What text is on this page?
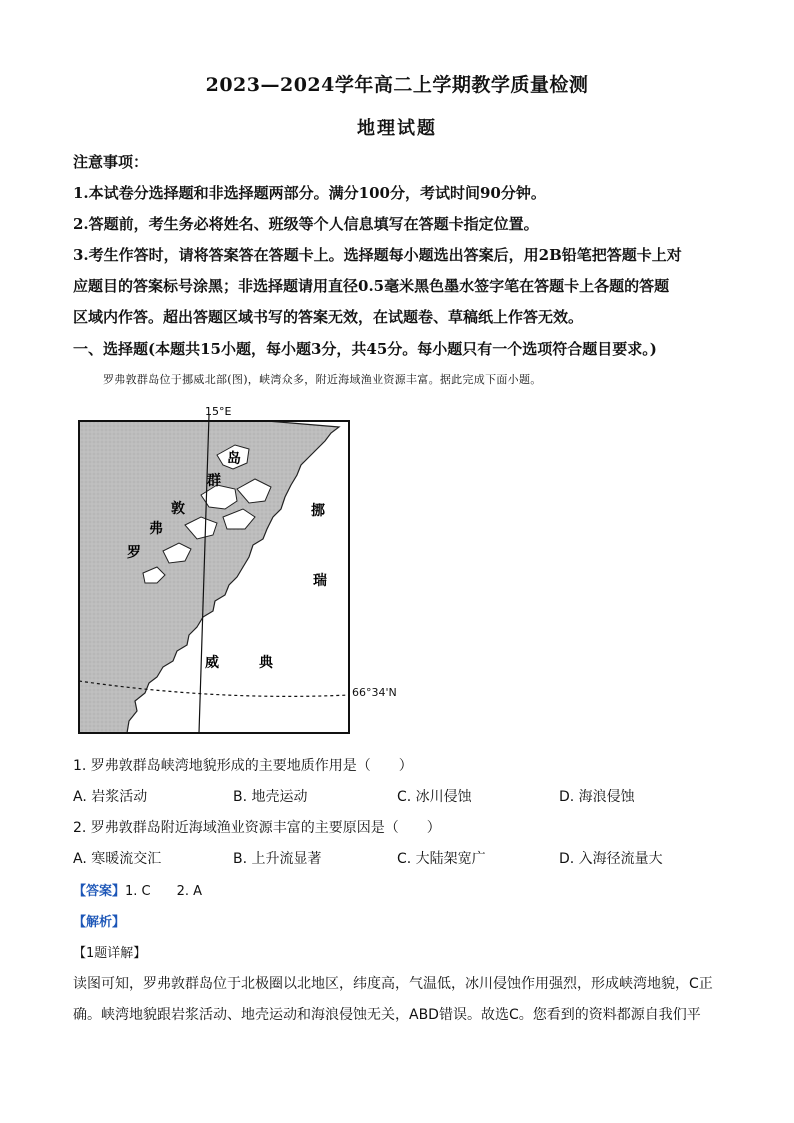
2023—2024学年高二上学期教学质量检测
地理试题
注意事项：
1.本试卷分选择题和非选择题两部分。满分100分，考试时间90分钟。
2.答题前，考生务必将姓名、班级等个人信息填写在答题卡指定位置。
3.考生作答时，请将答案答在答题卡上。选择题每小题选出答案后，用2B铅笔把答题卡上对
应题目的答案标号涂黑；非选择题请用直径0.5毫米黑色墨水签字笔在答题卡上各题的答题
区域内作答。超出答题区域书写的答案无效，在试题卷、草稿纸上作答无效。
一、选择题(本题共15小题，每小题3分，共45分。每小题只有一个选项符合题目要求。)
罗弗敦群岛位于挪威北部(图)，峡湾众多，附近海域渔业资源丰富。据此完成下面小题。
15°E
岛
群
敦
弗
罗
挪
瑞
威	典
66°34'N
1. 罗弗敦群岛峡湾地貌形成的主要地质作用是（　　）
A. 岩浆活动	B. 地壳运动	C. 冰川侵蚀	D. 海浪侵蚀
2. 罗弗敦群岛附近海域渔业资源丰富的主要原因是（　　）
A. 寒暖流交汇	B. 上升流显著	C. 大陆架宽广	D. 入海径流量大
【答案】1. C　　2. A
【解析】
【1题详解】
读图可知，罗弗敦群岛位于北极圈以北地区，纬度高，气温低，冰川侵蚀作用强烈，形成峡湾地貌，C正
确。峡湾地貌跟岩浆活动、地壳运动和海浪侵蚀无关，ABD错误。故选C。您看到的资料都源自我们平
